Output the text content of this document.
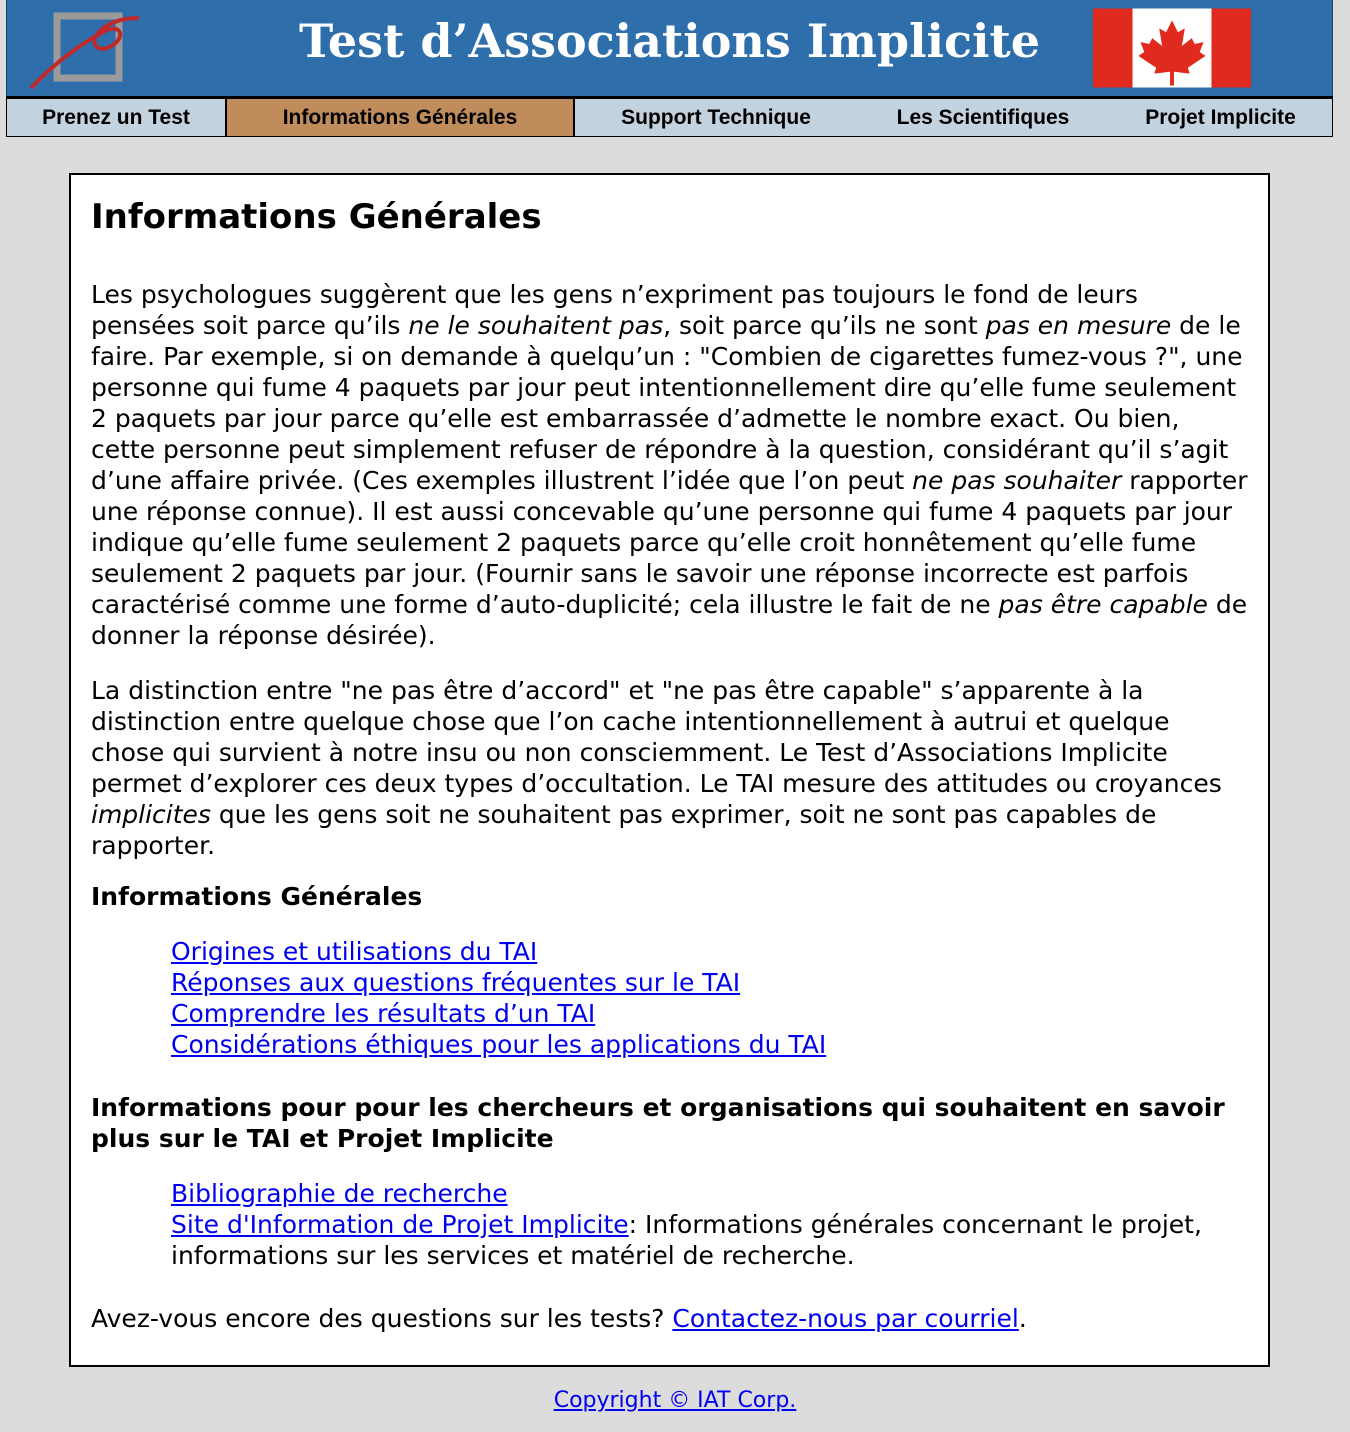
Test d’Associations Implicite
Prenez un Test	Informations Générales	Support Technique	Les Scientifiques	Projet Implicite
Informations Générales

Les psychologues suggèrent que les gens n’expriment pas toujours le fond de leurs pensées soit parce qu’ils ne le souhaitent pas, soit parce qu’ils ne sont pas en mesure de le faire. Par exemple, si on demande à quelqu’un : "Combien de cigarettes fumez-vous ?", une personne qui fume 4 paquets par jour peut intentionnellement dire qu’elle fume seulement 2 paquets par jour parce qu’elle est embarrassée d’admette le nombre exact. Ou bien, cette personne peut simplement refuser de répondre à la question, considérant qu’il s’agit d’une affaire privée. (Ces exemples illustrent l’idée que l’on peut ne pas souhaiter rapporter une réponse connue). Il est aussi concevable qu’une personne qui fume 4 paquets par jour indique qu’elle fume seulement 2 paquets parce qu’elle croit honnêtement qu’elle fume seulement 2 paquets par jour. (Fournir sans le savoir une réponse incorrecte est parfois caractérisé comme une forme d’auto-duplicité; cela illustre le fait de ne pas être capable de donner la réponse désirée).

La distinction entre "ne pas être d’accord" et "ne pas être capable" s’apparente à la distinction entre quelque chose que l’on cache intentionnellement à autrui et quelque chose qui survient à notre insu ou non consciemment. Le Test d’Associations Implicite permet d’explorer ces deux types d’occultation. Le TAI mesure des attitudes ou croyances implicites que les gens soit ne souhaitent pas exprimer, soit ne sont pas capables de rapporter.

Informations Générales
Origines et utilisations du TAI
Réponses aux questions fréquentes sur le TAI
Comprendre les résultats d’un TAI
Considérations éthiques pour les applications du TAI
Informations pour pour les chercheurs et organisations qui souhaitent en savoir plus sur le TAI et Projet Implicite
Bibliographie de recherche
Site d'Information de Projet Implicite: Informations générales concernant le projet, informations sur les services et matériel de recherche.

Avez-vous encore des questions sur les tests? Contactez-nous par courriel.

Copyright © IAT Corp.
